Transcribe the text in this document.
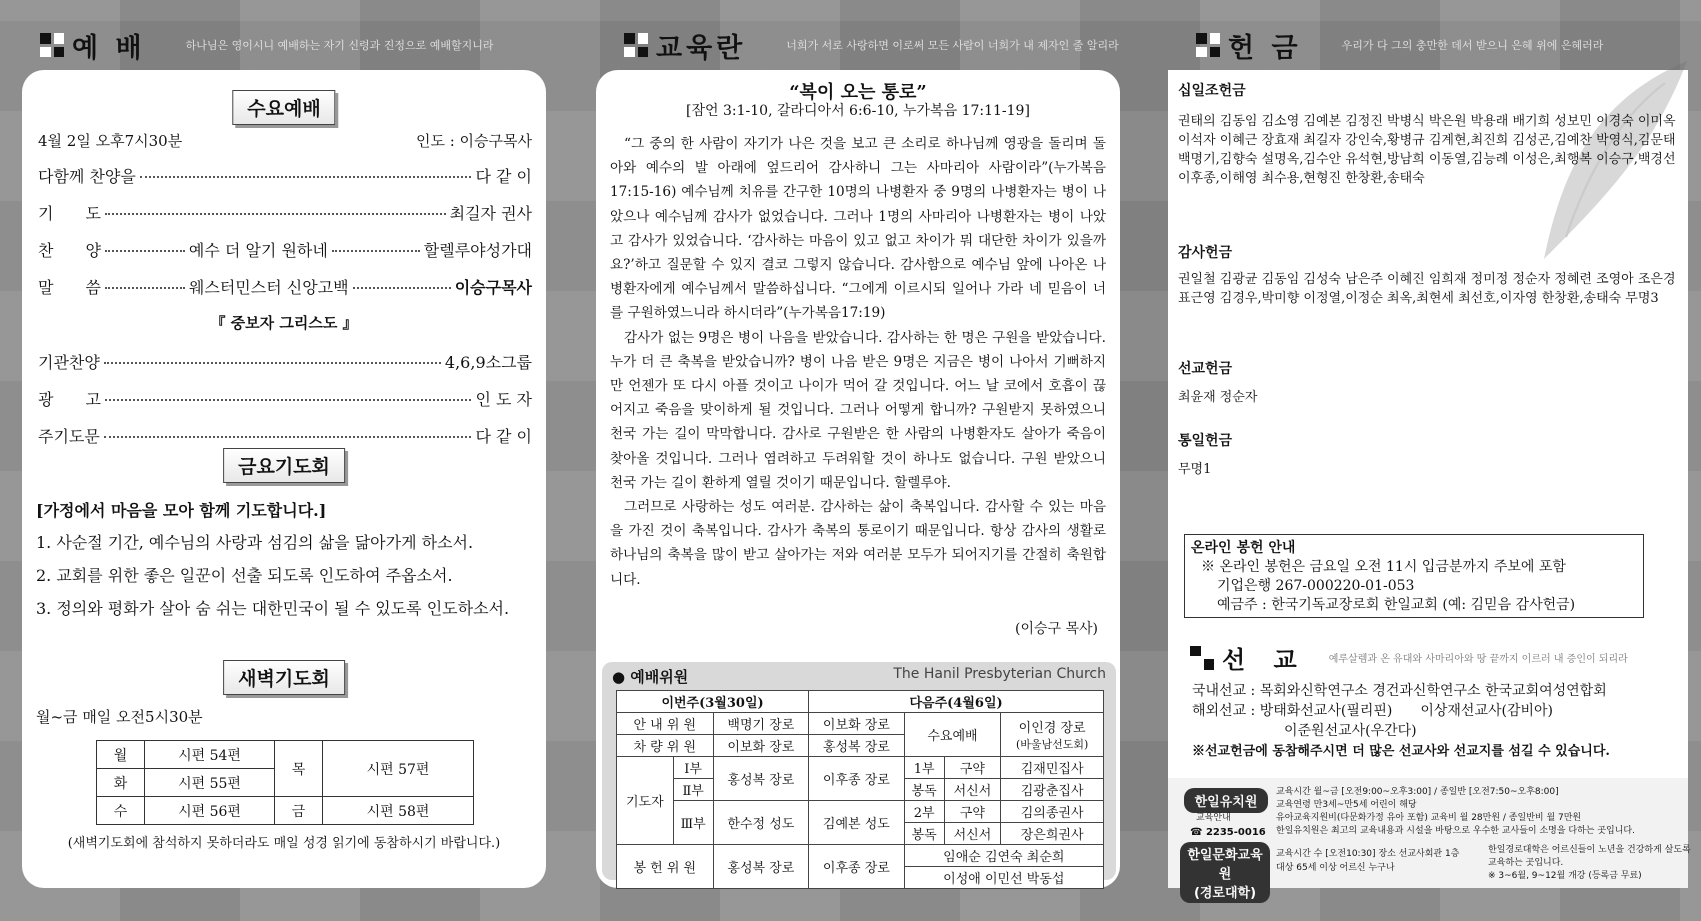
예 배	하나님은 영이시니 예배하는 자기 신령과 진정으로 예배할지니라	교육란	너희가 서로 사랑하면 이로써 모든 사람이 너희가 내 제자인 줄 알리라	헌 금	우리가 다 그의 충만한 데서 받으니 은혜 위에 은혜러라
수요예배
4월 2일 오후7시30분	인도 : 이승구목사
다함께 찬양을	다 같 이
기　　도	최길자 권사
찬　　양	예수 더 알기 원하네	할렐루야성가대
말　　씀	웨스터민스터 신앙고백	이승구목사
『 중보자 그리스도 』
기관찬양	4,6,9소그룹
광　　고	인 도 자
주기도문	다 같 이
금요기도회
[가정에서 마음을 모아 함께 기도합니다.]
1. 사순절 기간, 예수님의 사랑과 섬김의 삶을 닮아가게 하소서.
2. 교회를 위한 좋은 일꾼이 선출 되도록 인도하여 주옵소서.
3. 정의와 평화가 살아 숨 쉬는 대한민국이 될 수 있도록 인도하소서.
새벽기도회
월~금 매일 오전5시30분
월	시편 54편	목	시편 57편
화	시편 55편		
수	시편 56편	금	시편 58편
(새벽기도회에 참석하지 못하더라도 매일 성경 읽기에 동참하시기 바랍니다.)
“복이 오는 통로”
[잠언 3:1-10, 갈라디아서 6:6-10, 누가복음 17:11-19]

“그 중의 한 사람이 자기가 나은 것을 보고 큰 소리로 하나님께 영광을 돌리며 돌아와 예수의 발 아래에 엎드리어 감사하니 그는 사마리아 사람이라”(누가복음 17:15-16) 예수님께 치유를 간구한 10명의 나병환자 중 9명의 나병환자는 병이 나았으나 예수님께 감사가 없었습니다. 그러나 1명의 사마리아 나병환자는 병이 나았고 감사가 있었습니다. ‘감사하는 마음이 있고 없고 차이가 뭐 대단한 차이가 있을까요?’하고 질문할 수 있지 결코 그렇지 않습니다. 감사함으로 예수님 앞에 나아온 나병환자에게 예수님께서 말씀하십니다. “그에게 이르시되 일어나 가라 네 믿음이 너를 구원하였느니라 하시더라”(누가복음17:19)

감사가 없는 9명은 병이 나음을 받았습니다. 감사하는 한 명은 구원을 받았습니다. 누가 더 큰 축복을 받았습니까? 병이 나음 받은 9명은 지금은 병이 나아서 기뻐하지만 언젠가 또 다시 아플 것이고 나이가 먹어 갈 것입니다. 어느 날 코에서 호흡이 끊어지고 죽음을 맞이하게 될 것입니다. 그러나 어떻게 합니까? 구원받지 못하였으니 천국 가는 길이 막막합니다. 감사로 구원받은 한 사람의 나병환자도 살아가 죽음이 찾아올 것입니다. 그러나 염려하고 두려워할 것이 하나도 없습니다. 구원 받았으니 천국 가는 길이 환하게 열릴 것이기 때문입니다. 할렐루야.

그러므로 사랑하는 성도 여러분. 감사하는 삶이 축복입니다. 감사할 수 있는 마음을 가진 것이 축복입니다. 감사가 축복의 통로이기 때문입니다. 항상 감사의 생활로 하나님의 축복을 많이 받고 살아가는 저와 여러분 모두가 되어지기를 간절히 축원합니다.

(이승구 목사)
● 예배위원	The Hanil Presbyterian Church
이번주(3월30일)			다음주(4월6일)			
안 내 위 원		백명기 장로	이보화 장로	수요예배		이인경 장로
(바울남선도회)
차 량 위 원		이보화 장로	홍성복 장로			
기도자	Ⅰ부	홍성복 장로	이후종 장로	1부	구약	김재민집사
	Ⅱ부			봉독	서신서	김광춘집사
	Ⅲ부	한수정 성도	김예본 성도	2부	구약	김의종권사
				봉독	서신서	장은희권사
봉 헌 위 원		홍성복 장로	이후종 장로	임애순 김연숙 최순희		
				이성애 이민선 박동섭		
십일조헌금
권태의 김동임 김소영 김예본 김정진 박병식 박은원 박용래 배기희 성보민 이경숙 이미옥 이석자 이혜근 장효재 최길자 강인숙,황병규 김계현,최진희 김성곤,김예찬 박영식,김문태 백명기,김향숙 설명옥,김수안 유석현,방남희 이동열,김능례 이성은,최행복 이승구,백경선 이후종,이해영 최수용,현형진 한창환,송태숙
감사헌금
권일철 김광균 김동임 김성숙 남은주 이혜진 임희재 정미정 정순자 정혜련 조영아 조은경 표근영 김경우,박미향 이정열,이정순 최옥,최현세 최선호,이자영 한창환,송태숙 무명3
선교헌금
최윤재 정순자
통일헌금
무명1
온라인 봉헌 안내
※ 온라인 봉헌은 금요일 오전 11시 입금분까지 주보에 포함
기업은행 267-000220-01-053
예금주 : 한국기독교장로회 한일교회 (예: 김믿음 감사헌금)
선 교 예루살렘과 온 유대와 사마리아와 땅 끝까지 이르러 내 증인이 되리라
국내선교 : 목회와신학연구소 경건과신학연구소 한국교회여성연합회
해외선교 : 방태화선교사(필리핀)　　이상재선교사(감비아)
이준원선교사(우간다)
※선교헌금에 동참해주시면 더 많은 선교사와 선교지를 섬길 수 있습니다.
한일유치원
교육안내
☎ 2235-0016
교육시간 월~금 [오전9:00~오후3:00] / 종일반 [오전7:50~오후8:00]
교육연령 만3세~만5세 어린이 해당
유아교육지원비(다문화가정 유아 포함) 교육비 월 28만원 / 종일반비 월 7만원
한일유치원은 최고의 교육내용과 시설을 바탕으로 우수한 교사들이 소명을 다하는 곳입니다.
한일문화교육원
(경로대학)
교육시간 수 [오전10:30] 장소 선교사회관 1층
대상 65세 이상 어르신 누구나
한일경로대학은 어르신들이 노년을 건강하게 살도록
교육하는 곳입니다.
※ 3~6월, 9~12월 개강 (등록금 무료)
